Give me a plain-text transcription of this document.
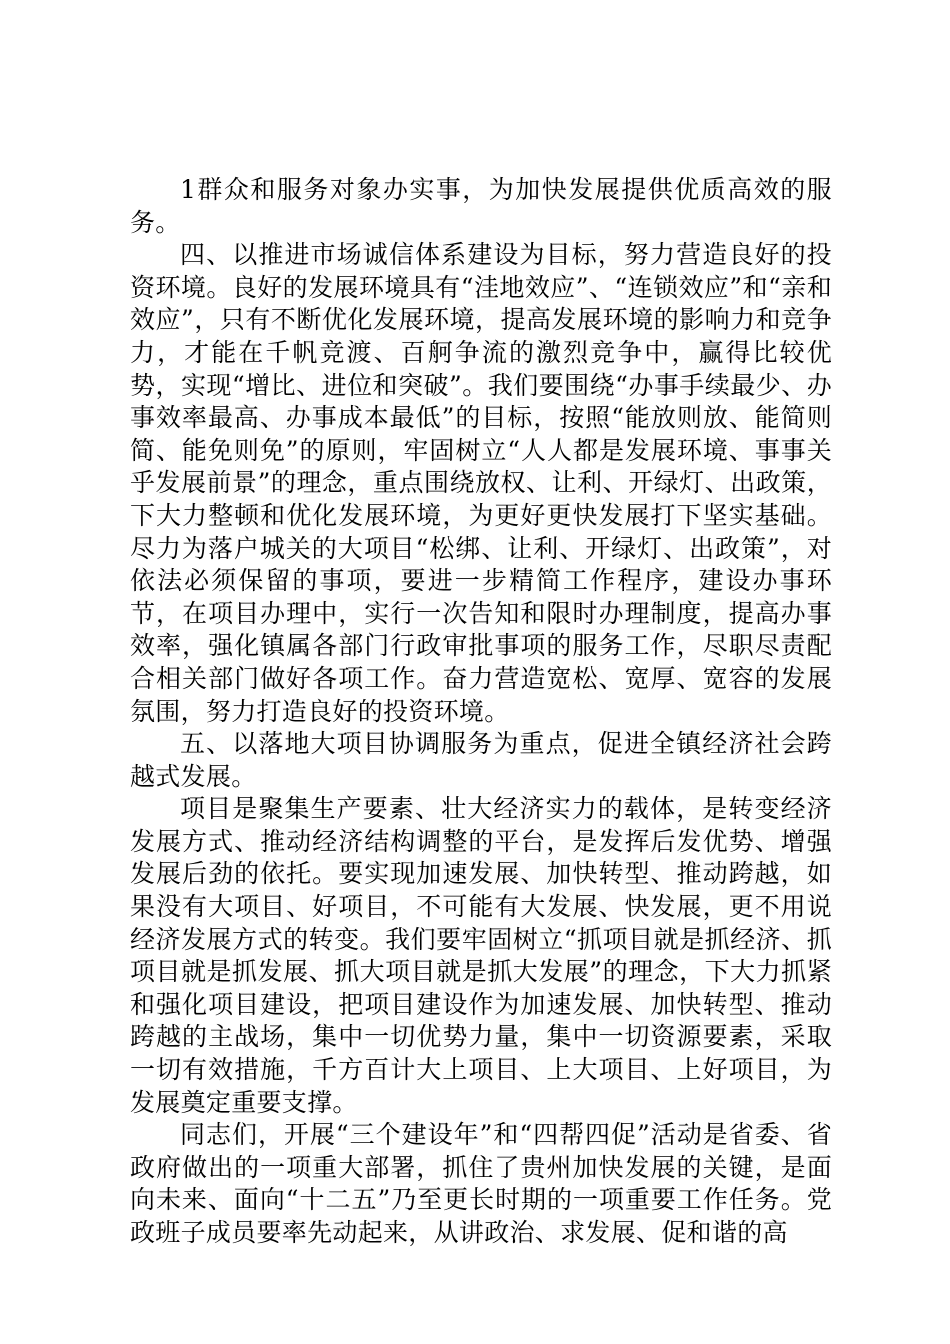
1群众和服务对象办实事，为加快发展提供优质高效的服务。

四、以推进市场诚信体系建设为目标，努力营造良好的投资环境。良好的发展环境具有“洼地效应”、“连锁效应”和“亲和效应”，只有不断优化发展环境，提高发展环境的影响力和竞争力，才能在千帆竞渡、百舸争流的激烈竞争中，赢得比较优势，实现“增比、进位和突破”。我们要围绕“办事手续最少、办事效率最高、办事成本最低”的目标，按照“能放则放、能简则简、能免则免”的原则，牢固树立“人人都是发展环境、事事关乎发展前景”的理念，重点围绕放权、让利、开绿灯、出政策，下大力整顿和优化发展环境，为更好更快发展打下坚实基础。尽力为落户城关的大项目“松绑、让利、开绿灯、出政策”，对依法必须保留的事项，要进一步精简工作程序，建设办事环节，在项目办理中，实行一次告知和限时办理制度，提高办事效率，强化镇属各部门行政审批事项的服务工作，尽职尽责配合相关部门做好各项工作。奋力营造宽松、宽厚、宽容的发展氛围，努力打造良好的投资环境。

五、以落地大项目协调服务为重点，促进全镇经济社会跨越式发展。

项目是聚集生产要素、壮大经济实力的载体，是转变经济发展方式、推动经济结构调整的平台，是发挥后发优势、增强发展后劲的依托。要实现加速发展、加快转型、推动跨越，如果没有大项目、好项目，不可能有大发展、快发展，更不用说经济发展方式的转变。我们要牢固树立“抓项目就是抓经济、抓项目就是抓发展、抓大项目就是抓大发展”的理念，下大力抓紧和强化项目建设，把项目建设作为加速发展、加快转型、推动跨越的主战场，集中一切优势力量，集中一切资源要素，采取一切有效措施，千方百计大上项目、上大项目、上好项目，为发展奠定重要支撑。

同志们，开展“三个建设年”和“四帮四促”活动是省委、省政府做出的一项重大部署，抓住了贵州加快发展的关键，是面向未来、面向“十二五”乃至更长时期的一项重要工作任务。党政班子成员要率先动起来，从讲政治、求发展、促和谐的高
